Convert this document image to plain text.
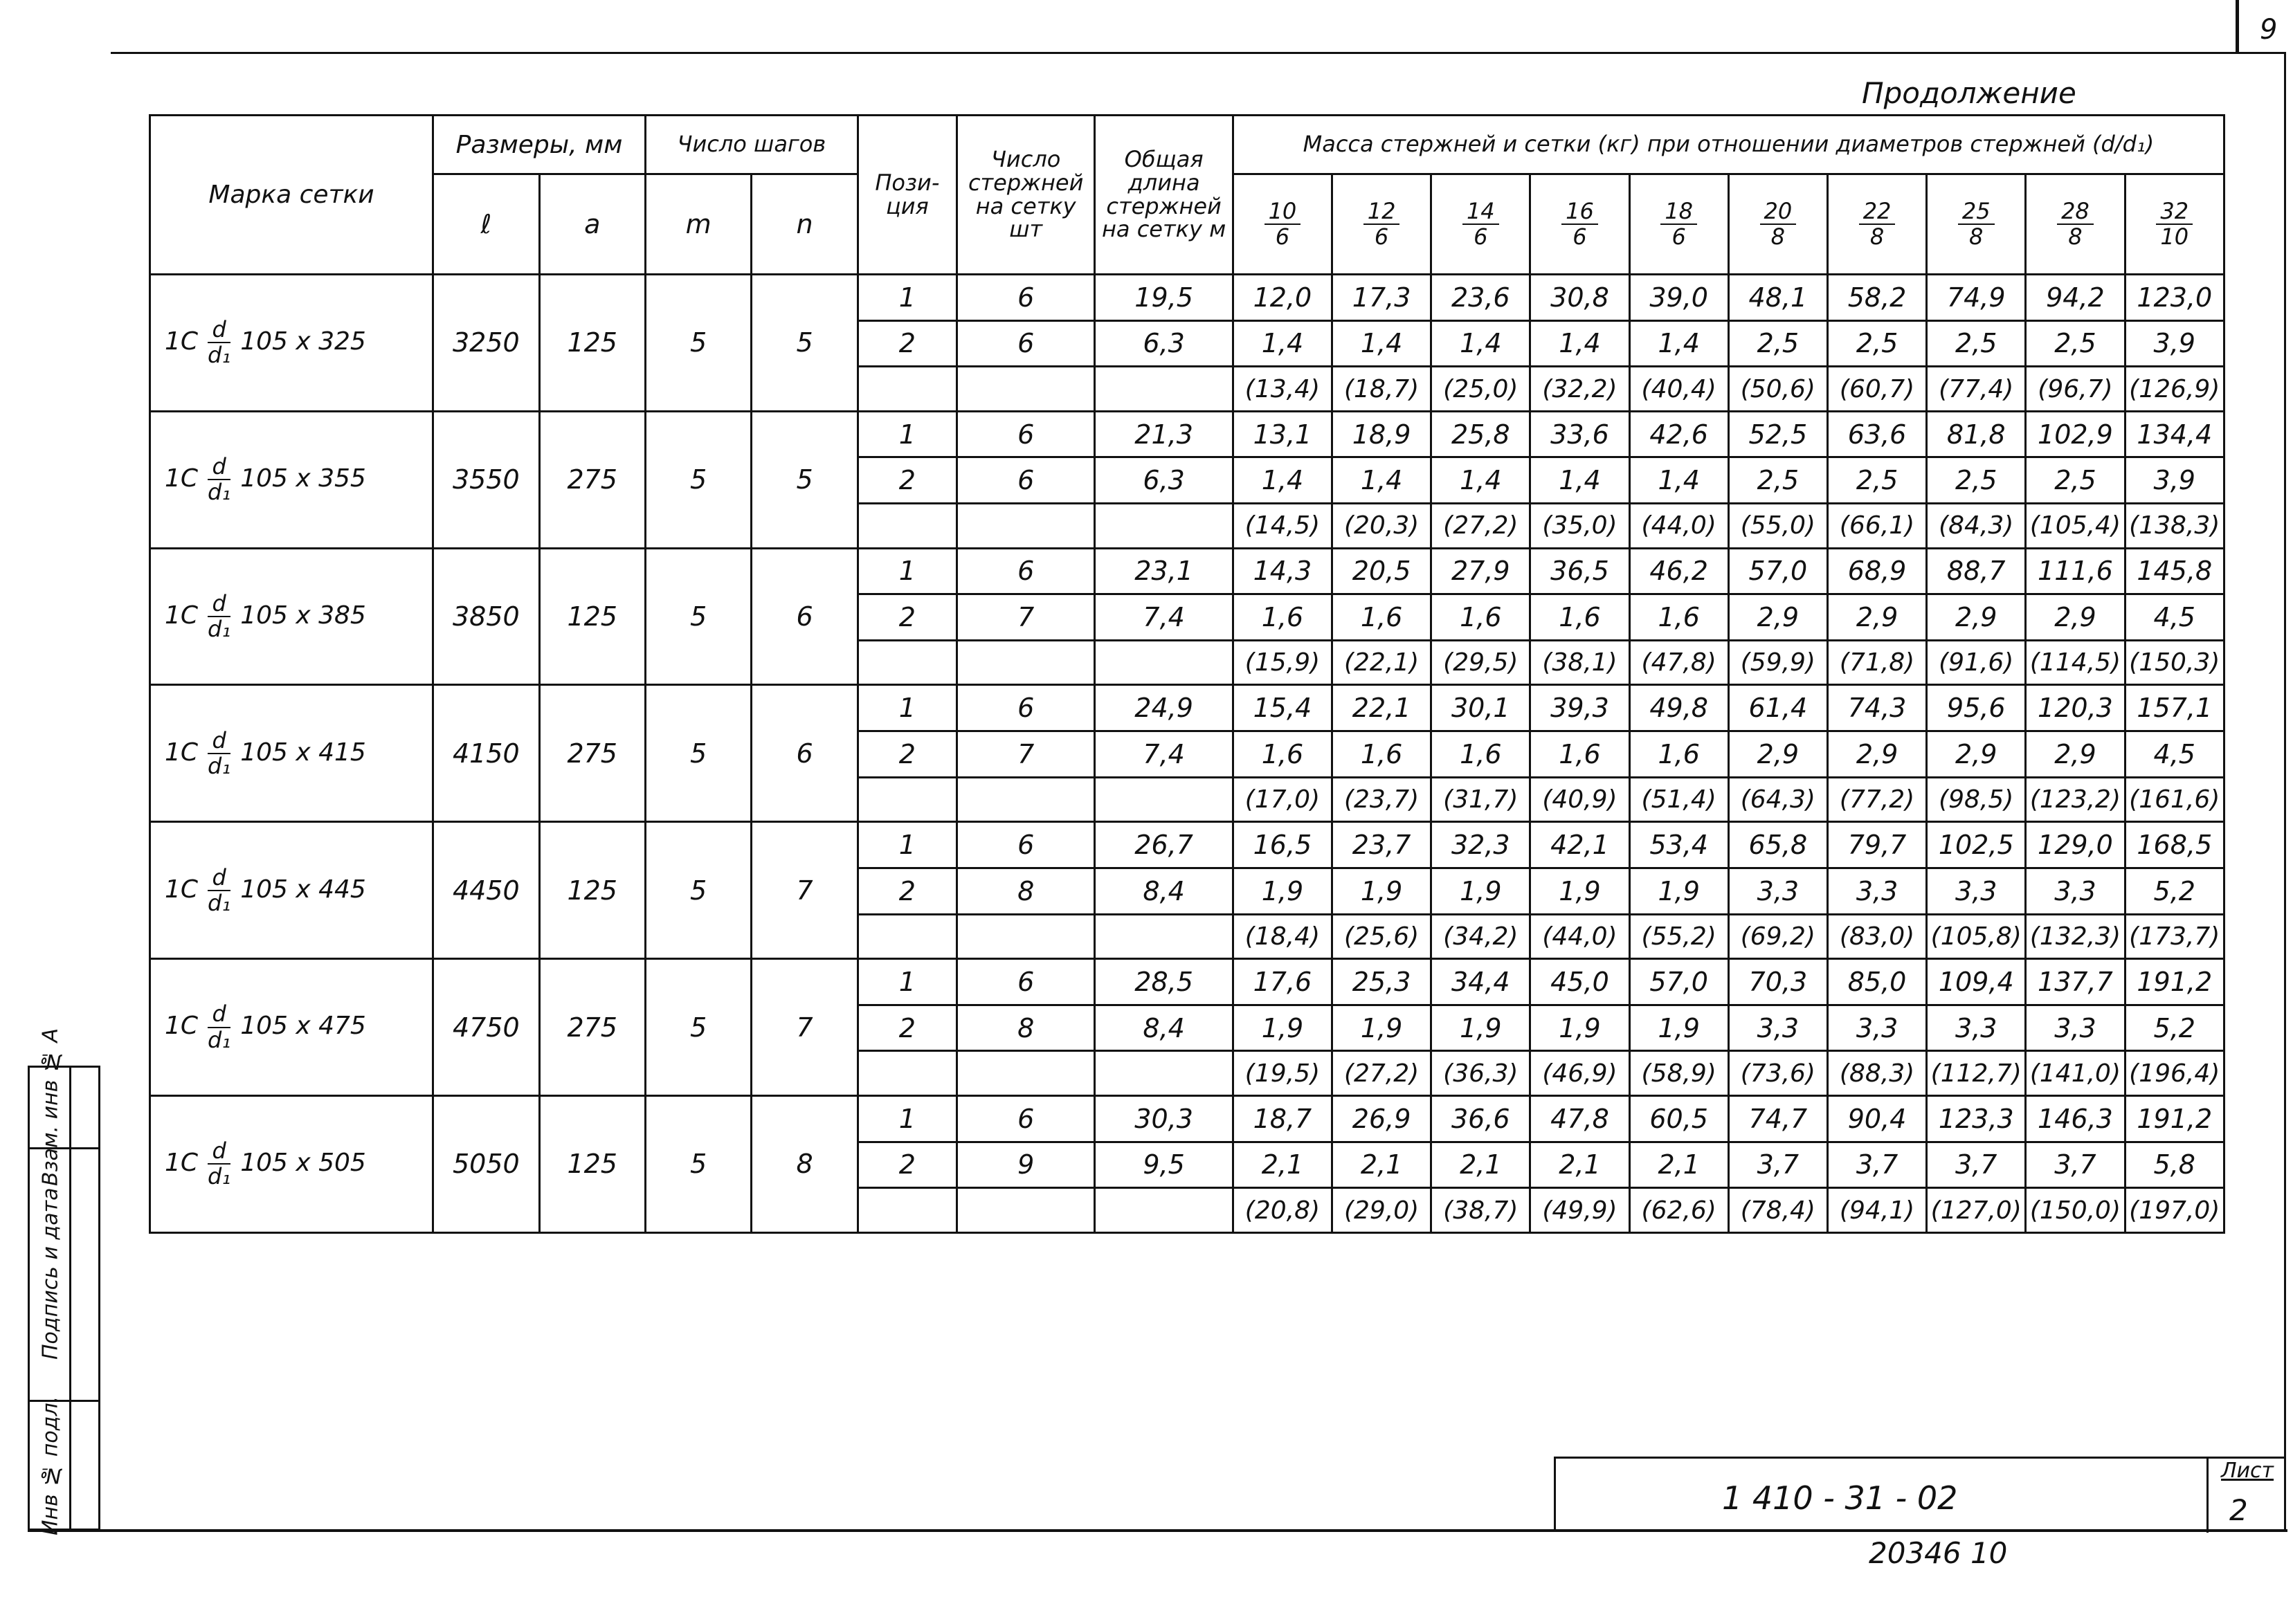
9
Продолжение
Марка сетки	Размеры, мм		Число шагов		Пози- ция	Число стержней на сетку шт	Общая длина стержней на сетку м	Масса стержней и сетки (кг) при отношении диаметров стержней (d/d₁)									
	ℓ	a	m	n				$\frac{10}{6}$	$\frac{12}{6}$	$\frac{14}{6}$	$\frac{16}{6}$	$\frac{18}{6}$	$\frac{20}{8}$	$\frac{22}{8}$	$\frac{25}{8}$	$\frac{28}{8}$	$\frac{32}{10}$

$1С \frac{d}{\text{d₁}} 105$ x 325	3250	125	5	5	1	6	19,5	12,0	17,3	23,6	30,8	39,0	48,1	58,2	74,9	94,2	123,0
					2	6	6,3	1,4	1,4	1,4	1,4	1,4	2,5	2,5	2,5	2,5	3,9
								(13,4)	(18,7)	(25,0)	(32,2)	(40,4)	(50,6)	(60,7)	(77,4)	(96,7)	(126,9)
$1С \frac{d}{\text{d₁}} 105$ x 355	3550	275	5	5	1	6	21,3	13,1	18,9	25,8	33,6	42,6	52,5	63,6	81,8	102,9	134,4
					2	6	6,3	1,4	1,4	1,4	1,4	1,4	2,5	2,5	2,5	2,5	3,9
								(14,5)	(20,3)	(27,2)	(35,0)	(44,0)	(55,0)	(66,1)	(84,3)	(105,4)	(138,3)
$1С \frac{d}{\text{d₁}} 105$ x 385	3850	125	5	6	1	6	23,1	14,3	20,5	27,9	36,5	46,2	57,0	68,9	88,7	111,6	145,8
					2	7	7,4	1,6	1,6	1,6	1,6	1,6	2,9	2,9	2,9	2,9	4,5
								(15,9)	(22,1)	(29,5)	(38,1)	(47,8)	(59,9)	(71,8)	(91,6)	(114,5)	(150,3)
$1С \frac{d}{\text{d₁}} 105$ x 415	4150	275	5	6	1	6	24,9	15,4	22,1	30,1	39,3	49,8	61,4	74,3	95,6	120,3	157,1
					2	7	7,4	1,6	1,6	1,6	1,6	1,6	2,9	2,9	2,9	2,9	4,5
								(17,0)	(23,7)	(31,7)	(40,9)	(51,4)	(64,3)	(77,2)	(98,5)	(123,2)	(161,6)
$1С \frac{d}{\text{d₁}} 105$ x 445	4450	125	5	7	1	6	26,7	16,5	23,7	32,3	42,1	53,4	65,8	79,7	102,5	129,0	168,5
					2	8	8,4	1,9	1,9	1,9	1,9	1,9	3,3	3,3	3,3	3,3	5,2
								(18,4)	(25,6)	(34,2)	(44,0)	(55,2)	(69,2)	(83,0)	(105,8)	(132,3)	(173,7)
$1С \frac{d}{\text{d₁}} 105$ x 475	4750	275	5	7	1	6	28,5	17,6	25,3	34,4	45,0	57,0	70,3	85,0	109,4	137,7	191,2
					2	8	8,4	1,9	1,9	1,9	1,9	1,9	3,3	3,3	3,3	3,3	5,2
								(19,5)	(27,2)	(36,3)	(46,9)	(58,9)	(73,6)	(88,3)	(112,7)	(141,0)	(196,4)
$1С \frac{d}{\text{d₁}} 105$ x 505	5050	125	5	8	1	6	30,3	18,7	26,9	36,6	47,8	60,5	74,7	90,4	123,3	146,3	191,2
					2	9	9,5	2,1	2,1	2,1	2,1	2,1	3,7	3,7	3,7	3,7	5,8
								(20,8)	(29,0)	(38,7)	(49,9)	(62,6)	(78,4)	(94,1)	(127,0)	(150,0)	(197,0)
Взам. инв № А
Подпись и дата
Инв № подл.	1 410 - 31 - 02
Лист
2
20346 10
